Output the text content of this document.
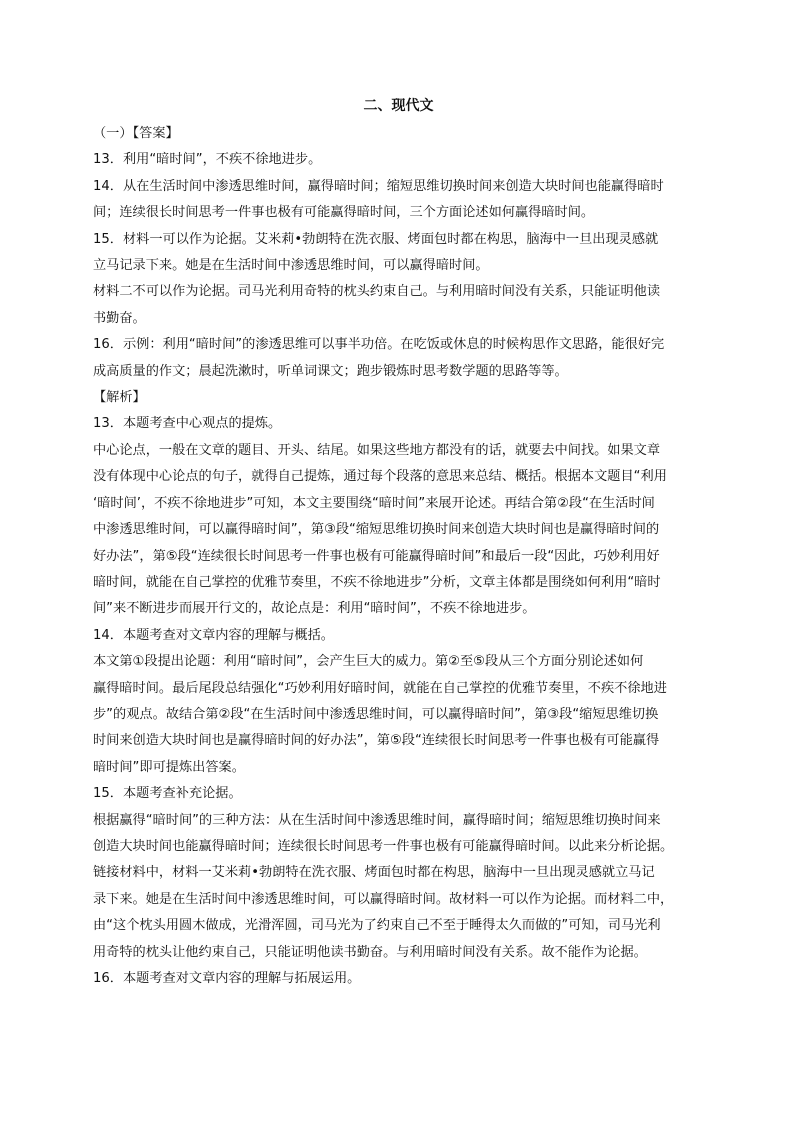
二、现代文
（一）【答案】
13．利用“暗时间”，不疾不徐地进步。
14．从在生活时间中渗透思维时间，赢得暗时间；缩短思维切换时间来创造大块时间也能赢得暗时
间；连续很长时间思考一件事也极有可能赢得暗时间，三个方面论述如何赢得暗时间。
15．材料一可以作为论据。艾米莉•勃朗特在洗衣服、烤面包时都在构思，脑海中一旦出现灵感就
立马记录下来。她是在生活时间中渗透思维时间，可以赢得暗时间。
材料二不可以作为论据。司马光利用奇特的枕头约束自己。与利用暗时间没有关系，只能证明他读
书勤奋。
16．示例：利用“暗时间”的渗透思维可以事半功倍。在吃饭或休息的时候构思作文思路，能很好完
成高质量的作文；晨起洗漱时，听单词课文；跑步锻炼时思考数学题的思路等等。
【解析】
13．本题考查中心观点的提炼。
中心论点，一般在文章的题目、开头、结尾。如果这些地方都没有的话，就要去中间找。如果文章
没有体现中心论点的句子，就得自己提炼，通过每个段落的意思来总结、概括。根据本文题目“利用
‘暗时间’，不疾不徐地进步”可知，本文主要围绕“暗时间”来展开论述。再结合第②段“在生活时间
中渗透思维时间，可以赢得暗时间”，第③段“缩短思维切换时间来创造大块时间也是赢得暗时间的
好办法”，第⑤段“连续很长时间思考一件事也极有可能赢得暗时间”和最后一段“因此，巧妙利用好
暗时间，就能在自己掌控的优雅节奏里，不疾不徐地进步”分析，文章主体都是围绕如何利用“暗时
间”来不断进步而展开行文的，故论点是：利用“暗时间”，不疾不徐地进步。
14．本题考查对文章内容的理解与概括。
本文第①段提出论题：利用“暗时间”，会产生巨大的威力。第②至⑤段从三个方面分别论述如何
赢得暗时间。最后尾段总结强化“巧妙利用好暗时间，就能在自己掌控的优雅节奏里，不疾不徐地进
步”的观点。故结合第②段“在生活时间中渗透思维时间，可以赢得暗时间”，第③段“缩短思维切换
时间来创造大块时间也是赢得暗时间的好办法”，第⑤段“连续很长时间思考一件事也极有可能赢得
暗时间”即可提炼出答案。
15．本题考查补充论据。
根据赢得“暗时间”的三种方法：从在生活时间中渗透思维时间，赢得暗时间；缩短思维切换时间来
创造大块时间也能赢得暗时间；连续很长时间思考一件事也极有可能赢得暗时间。以此来分析论据。
链接材料中，材料一艾米莉•勃朗特在洗衣服、烤面包时都在构思，脑海中一旦出现灵感就立马记
录下来。她是在生活时间中渗透思维时间，可以赢得暗时间。故材料一可以作为论据。而材料二中，
由“这个枕头用圆木做成，光滑浑圆，司马光为了约束自己不至于睡得太久而做的”可知，司马光利
用奇特的枕头让他约束自己，只能证明他读书勤奋。与利用暗时间没有关系。故不能作为论据。
16．本题考查对文章内容的理解与拓展运用。
